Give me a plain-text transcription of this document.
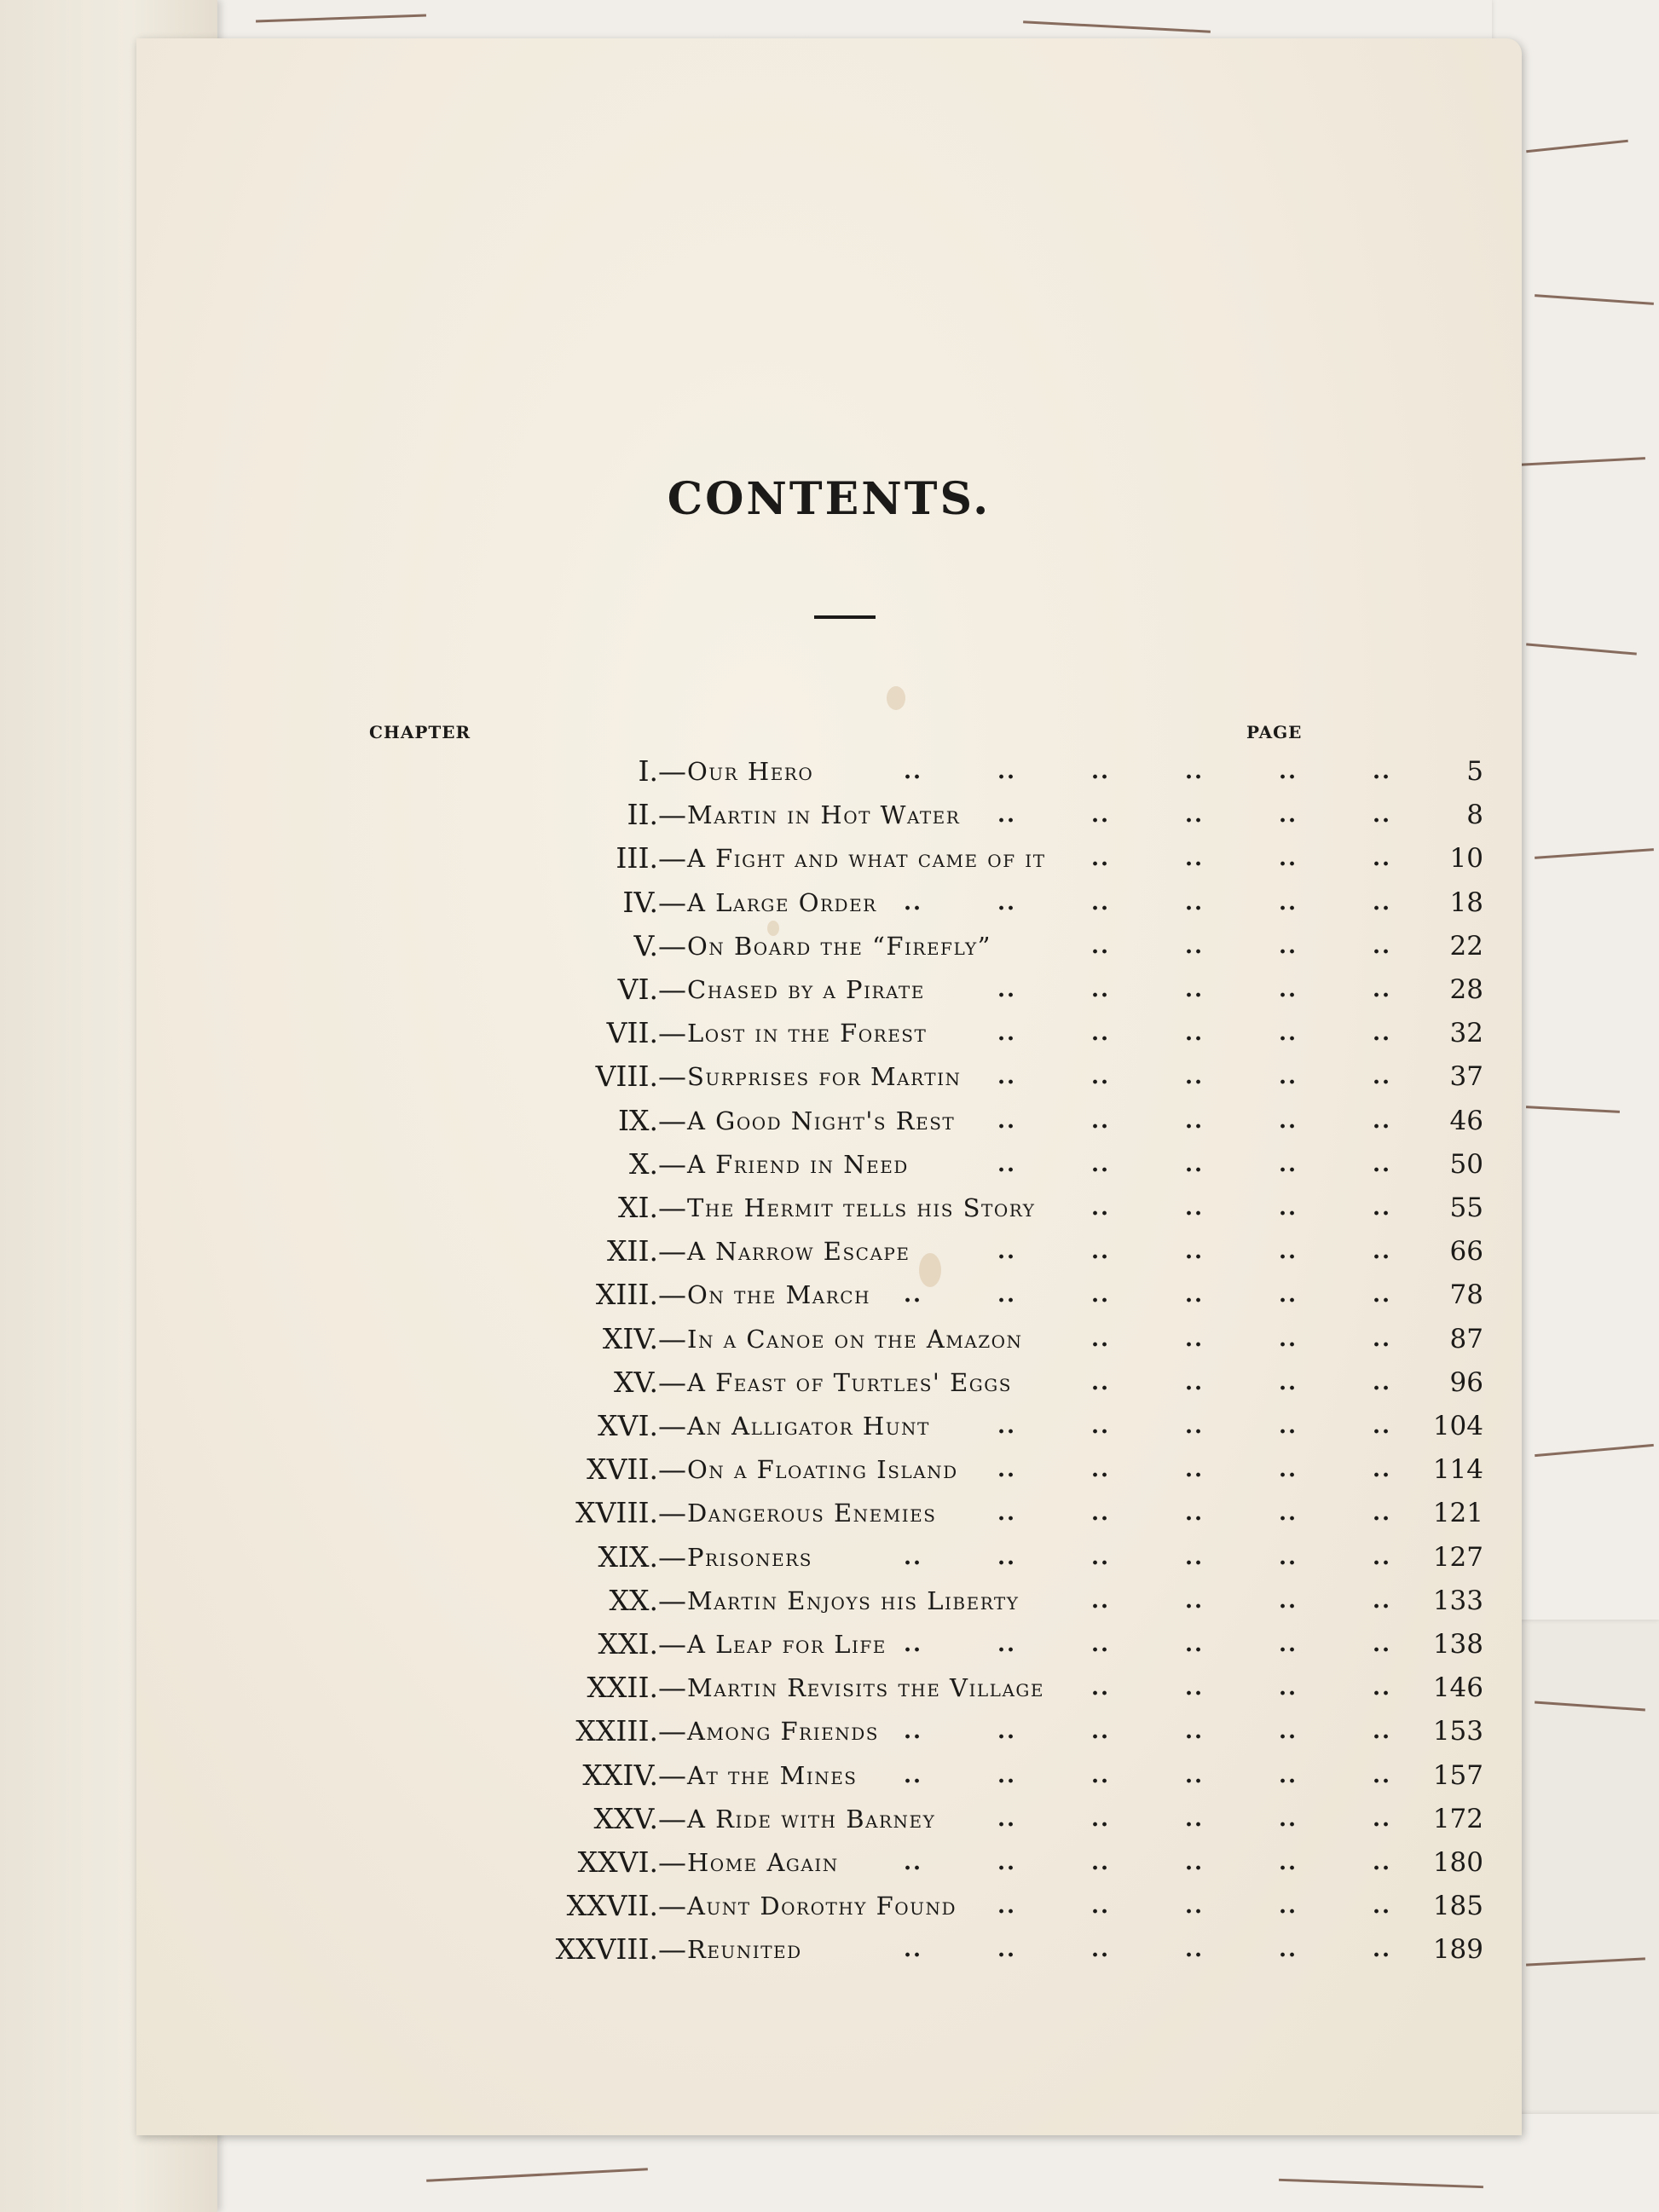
CONTENTS.
CHAPTER	PAGE
..	..	..	..	..	..
I.— Our Hero	5
..	..	..	..	..
II.— Martin in Hot Water	8
..	..	..	..
III.— A Fight and what came of it	10
..	..	..	..	..	..
IV.— A Large Order	18
..	..	..	..
V.— On Board the “Firefly”	22
..	..	..	..	..
VI.— Chased by a Pirate	28
..	..	..	..	..
VII.— Lost in the Forest	32
..	..	..	..	..
VIII.— Surprises for Martin	37
..	..	..	..	..
IX.— A Good Night's Rest	46
..	..	..	..	..
X.— A Friend in Need	50
..	..	..	..
XI.— The Hermit tells his Story	55
..	..	..	..	..
XII.— A Narrow Escape	66
..	..	..	..	..	..
XIII.— On the March	78
..	..	..	..
XIV.— In a Canoe on the Amazon	87
..	..	..	..
XV.— A Feast of Turtles' Eggs	96
..	..	..	..	..
XVI.— An Alligator Hunt	104
..	..	..	..	..
XVII.— On a Floating Island	114
..	..	..	..	..
XVIII.— Dangerous Enemies	121
..	..	..	..	..	..
XIX.— Prisoners	127
..	..	..	..
XX.— Martin Enjoys his Liberty	133
..	..	..	..	..	..
XXI.— A Leap for Life	138
..	..	..	..
XXII.— Martin Revisits the Village	146
..	..	..	..	..	..
XXIII.— Among Friends	153
..	..	..	..	..	..
XXIV.— At the Mines	157
..	..	..	..	..
XXV.— A Ride with Barney	172
..	..	..	..	..	..
XXVI.— Home Again	180
..	..	..	..	..
XXVII.— Aunt Dorothy Found	185
..	..	..	..	..	..
XXVIII.— Reunited	189
